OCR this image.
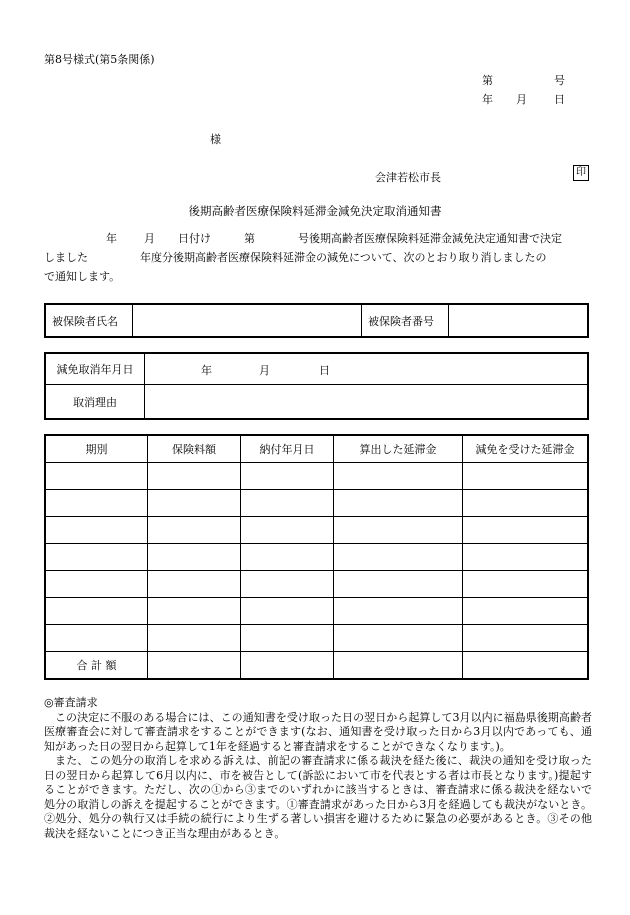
第8号様式(第5条関係)
第	号
年 月 日
様
会津若松市長	印
後期高齢者医療保険料延滞金減免決定取消通知書
年 月 日付け	第	号後期高齢者医療保険料延滞金減免決定通知書で決定
しました	年度分後期高齢者医療保険料延滞金の減免について、次のとおり取り消しましたの
で通知します。
被保険者氏名		被保険者番号	
減免取消年月日	年 月 日

取消理由	
期別	保険料額	納付年月日	算出した延滞金	減免を受けた延滞金

合 計 額				

◎審査請求

この決定に不服のある場合には、この通知書を受け取った日の翌日から起算して3月以内に福島県後期高齢者医療審査会に対して審査請求をすることができます(なお、通知書を受け取った日から3月以内であっても、通知があった日の翌日から起算して1年を経過すると審査請求をすることができなくなります。)。

また、この処分の取消しを求める訴えは、前記の審査請求に係る裁決を経た後に、裁決の通知を受け取った日の翌日から起算して6月以内に、市を被告として(訴訟において市を代表とする者は市長となります。)提起することができます。ただし、次の①から③までのいずれかに該当するときは、審査請求に係る裁決を経ないで処分の取消しの訴えを提起することができます。①審査請求があった日から3月を経過しても裁決がないとき。②処分、処分の執行又は手続の続行により生ずる著しい損害を避けるために緊急の必要があるとき。③その他裁決を経ないことにつき正当な理由があるとき。
